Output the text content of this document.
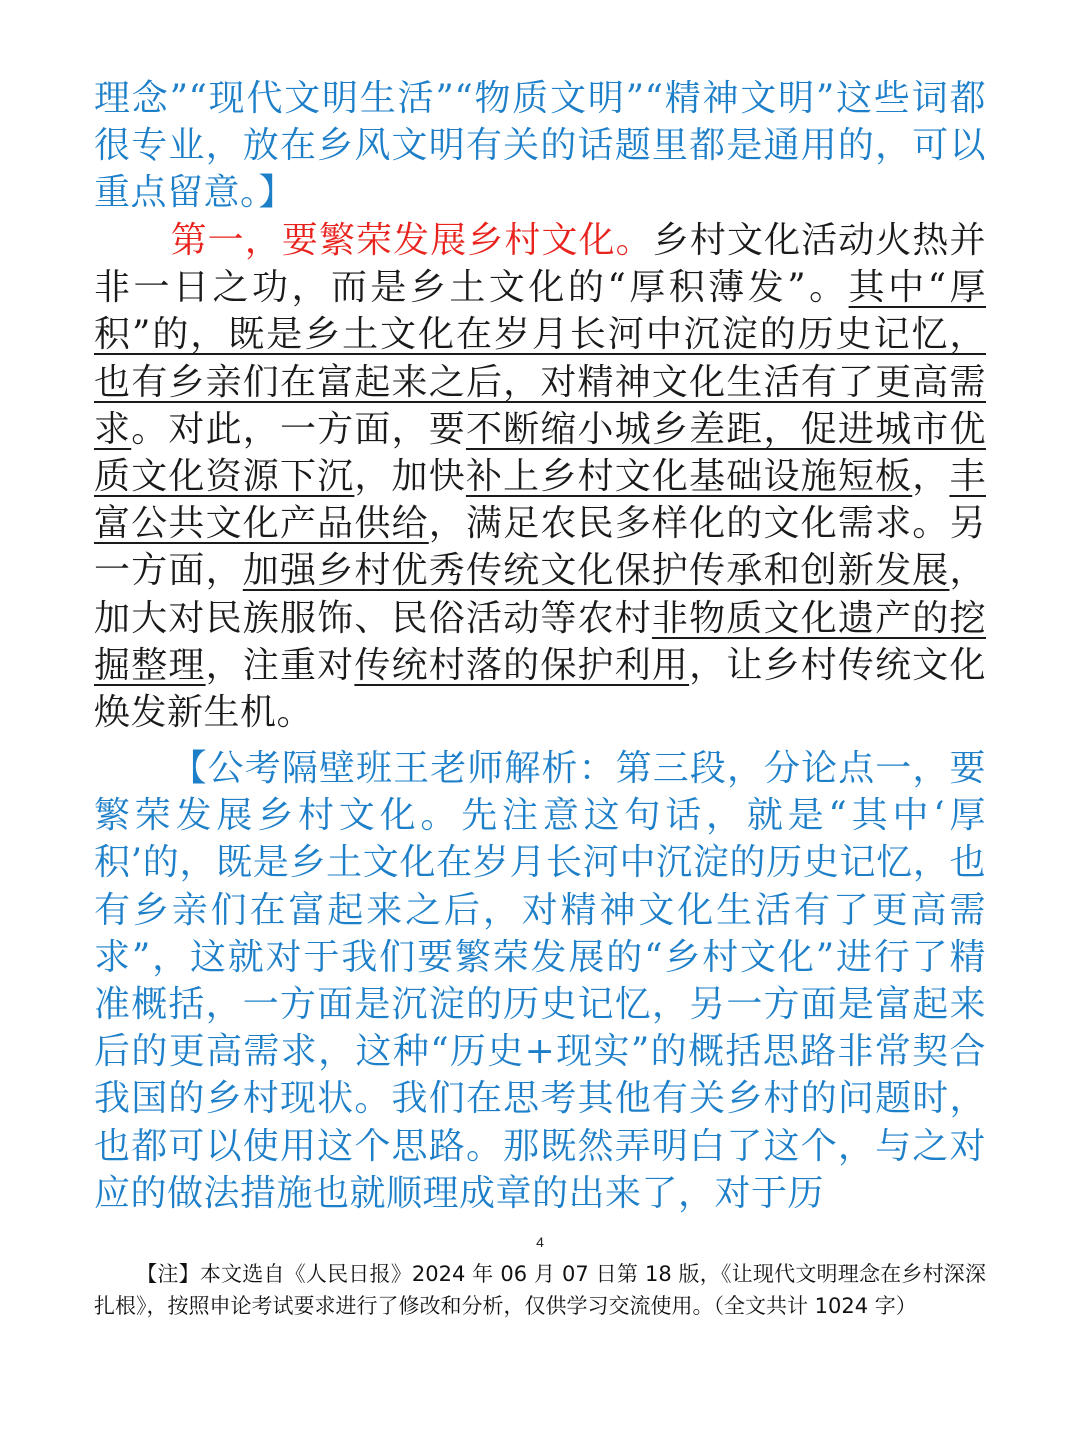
理念”“现代文明生活”“物质文明”“精神文明”这些词都很专业，放在乡风文明有关的话题里都是通用的，可以重点留意。】

第一，要繁荣发展乡村文化。乡村文化活动火热并非一日之功，而是乡土文化的“厚积薄发”。其中“厚积”的，既是乡土文化在岁月长河中沉淀的历史记忆，也有乡亲们在富起来之后，对精神文化生活有了更高需求。对此，一方面，要不断缩小城乡差距，促进城市优质文化资源下沉，加快补上乡村文化基础设施短板，丰富公共文化产品供给，满足农民多样化的文化需求。另一方面，加强乡村优秀传统文化保护传承和创新发展，加大对民族服饰、民俗活动等农村非物质文化遗产的挖掘整理，注重对传统村落的保护利用，让乡村传统文化焕发新生机。

【公考隔壁班王老师解析：第三段，分论点一，要繁荣发展乡村文化。先注意这句话，就是“其中‘厚积’的，既是乡土文化在岁月长河中沉淀的历史记忆，也有乡亲们在富起来之后，对精神文化生活有了更高需求”，这就对于我们要繁荣发展的“乡村文化”进行了精准概括，一方面是沉淀的历史记忆，另一方面是富起来后的更高需求，这种“历史+现实”的概括思路非常契合我国的乡村现状。我们在思考其他有关乡村的问题时，也都可以使用这个思路。那既然弄明白了这个，与之对应的做法措施也就顺理成章的出来了，对于历

4

【注】本文选自《人民日报》2024 年 06 月 07 日第 18 版，《让现代文明理念在乡村深深扎根》，按照申论考试要求进行了修改和分析，仅供学习交流使用。（全文共计 1024 字）
